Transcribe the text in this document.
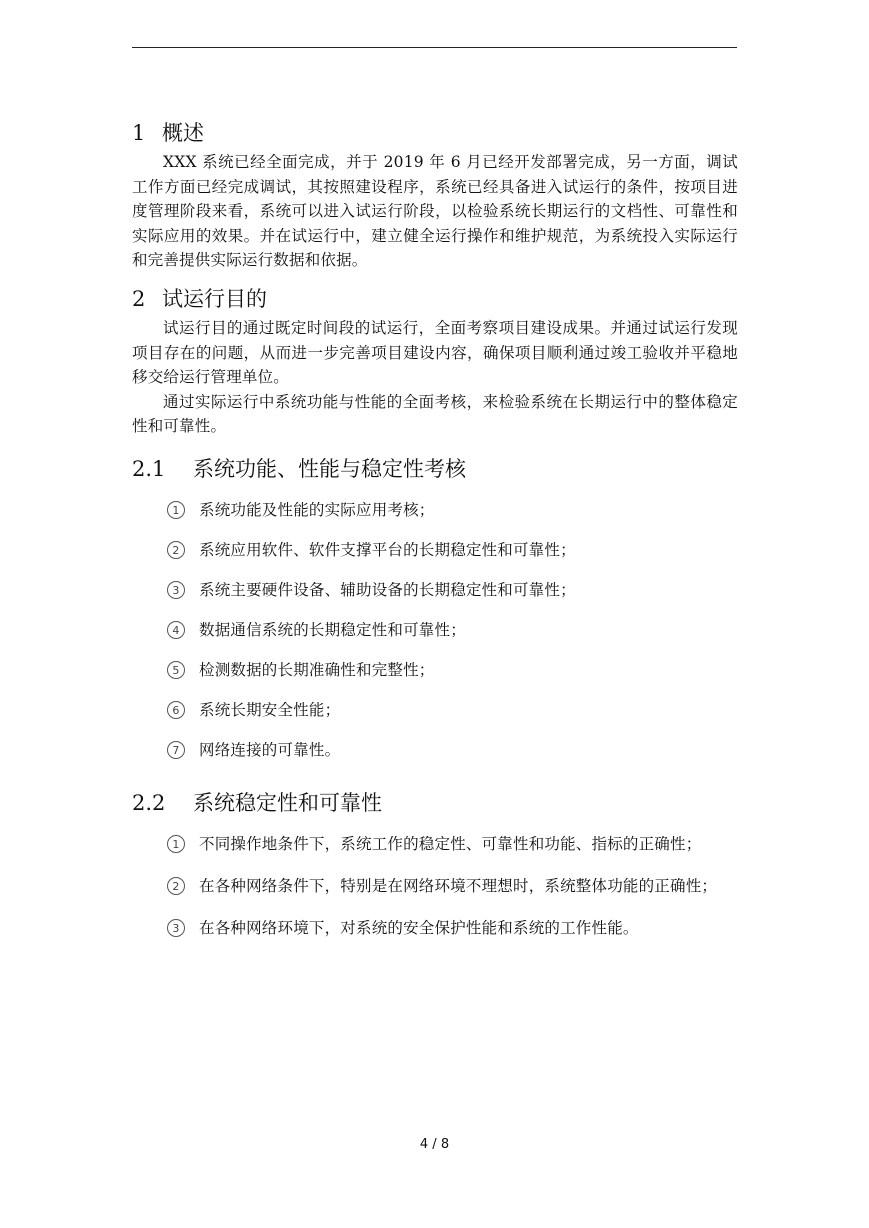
1 概述

XXX 系统已经全面完成，并于 2019 年 6 月已经开发部署完成，另一方面，调试工作方面已经完成调试，其按照建设程序，系统已经具备进入试运行的条件，按项目进度管理阶段来看，系统可以进入试运行阶段，以检验系统长期运行的文档性、可靠性和实际应用的效果。并在试运行中，建立健全运行操作和维护规范，为系统投入实际运行和完善提供实际运行数据和依据。

2 试运行目的

试运行目的通过既定时间段的试运行，全面考察项目建设成果。并通过试运行发现项目存在的问题，从而进一步完善项目建设内容，确保项目顺利通过竣工验收并平稳地移交给运行管理单位。

通过实际运行中系统功能与性能的全面考核，来检验系统在长期运行中的整体稳定性和可靠性。

2.1	系统功能、性能与稳定性考核
1	系统功能及性能的实际应用考核；
2	系统应用软件、软件支撑平台的长期稳定性和可靠性；
3	系统主要硬件设备、辅助设备的长期稳定性和可靠性；
4	数据通信系统的长期稳定性和可靠性；
5	检测数据的长期准确性和完整性；
6	系统长期安全性能；
7	网络连接的可靠性。
2.2	系统稳定性和可靠性
1	不同操作地条件下，系统工作的稳定性、可靠性和功能、指标的正确性；
2	在各种网络条件下，特别是在网络环境不理想时，系统整体功能的正确性；
3	在各种网络环境下，对系统的安全保护性能和系统的工作性能。
4 / 8
